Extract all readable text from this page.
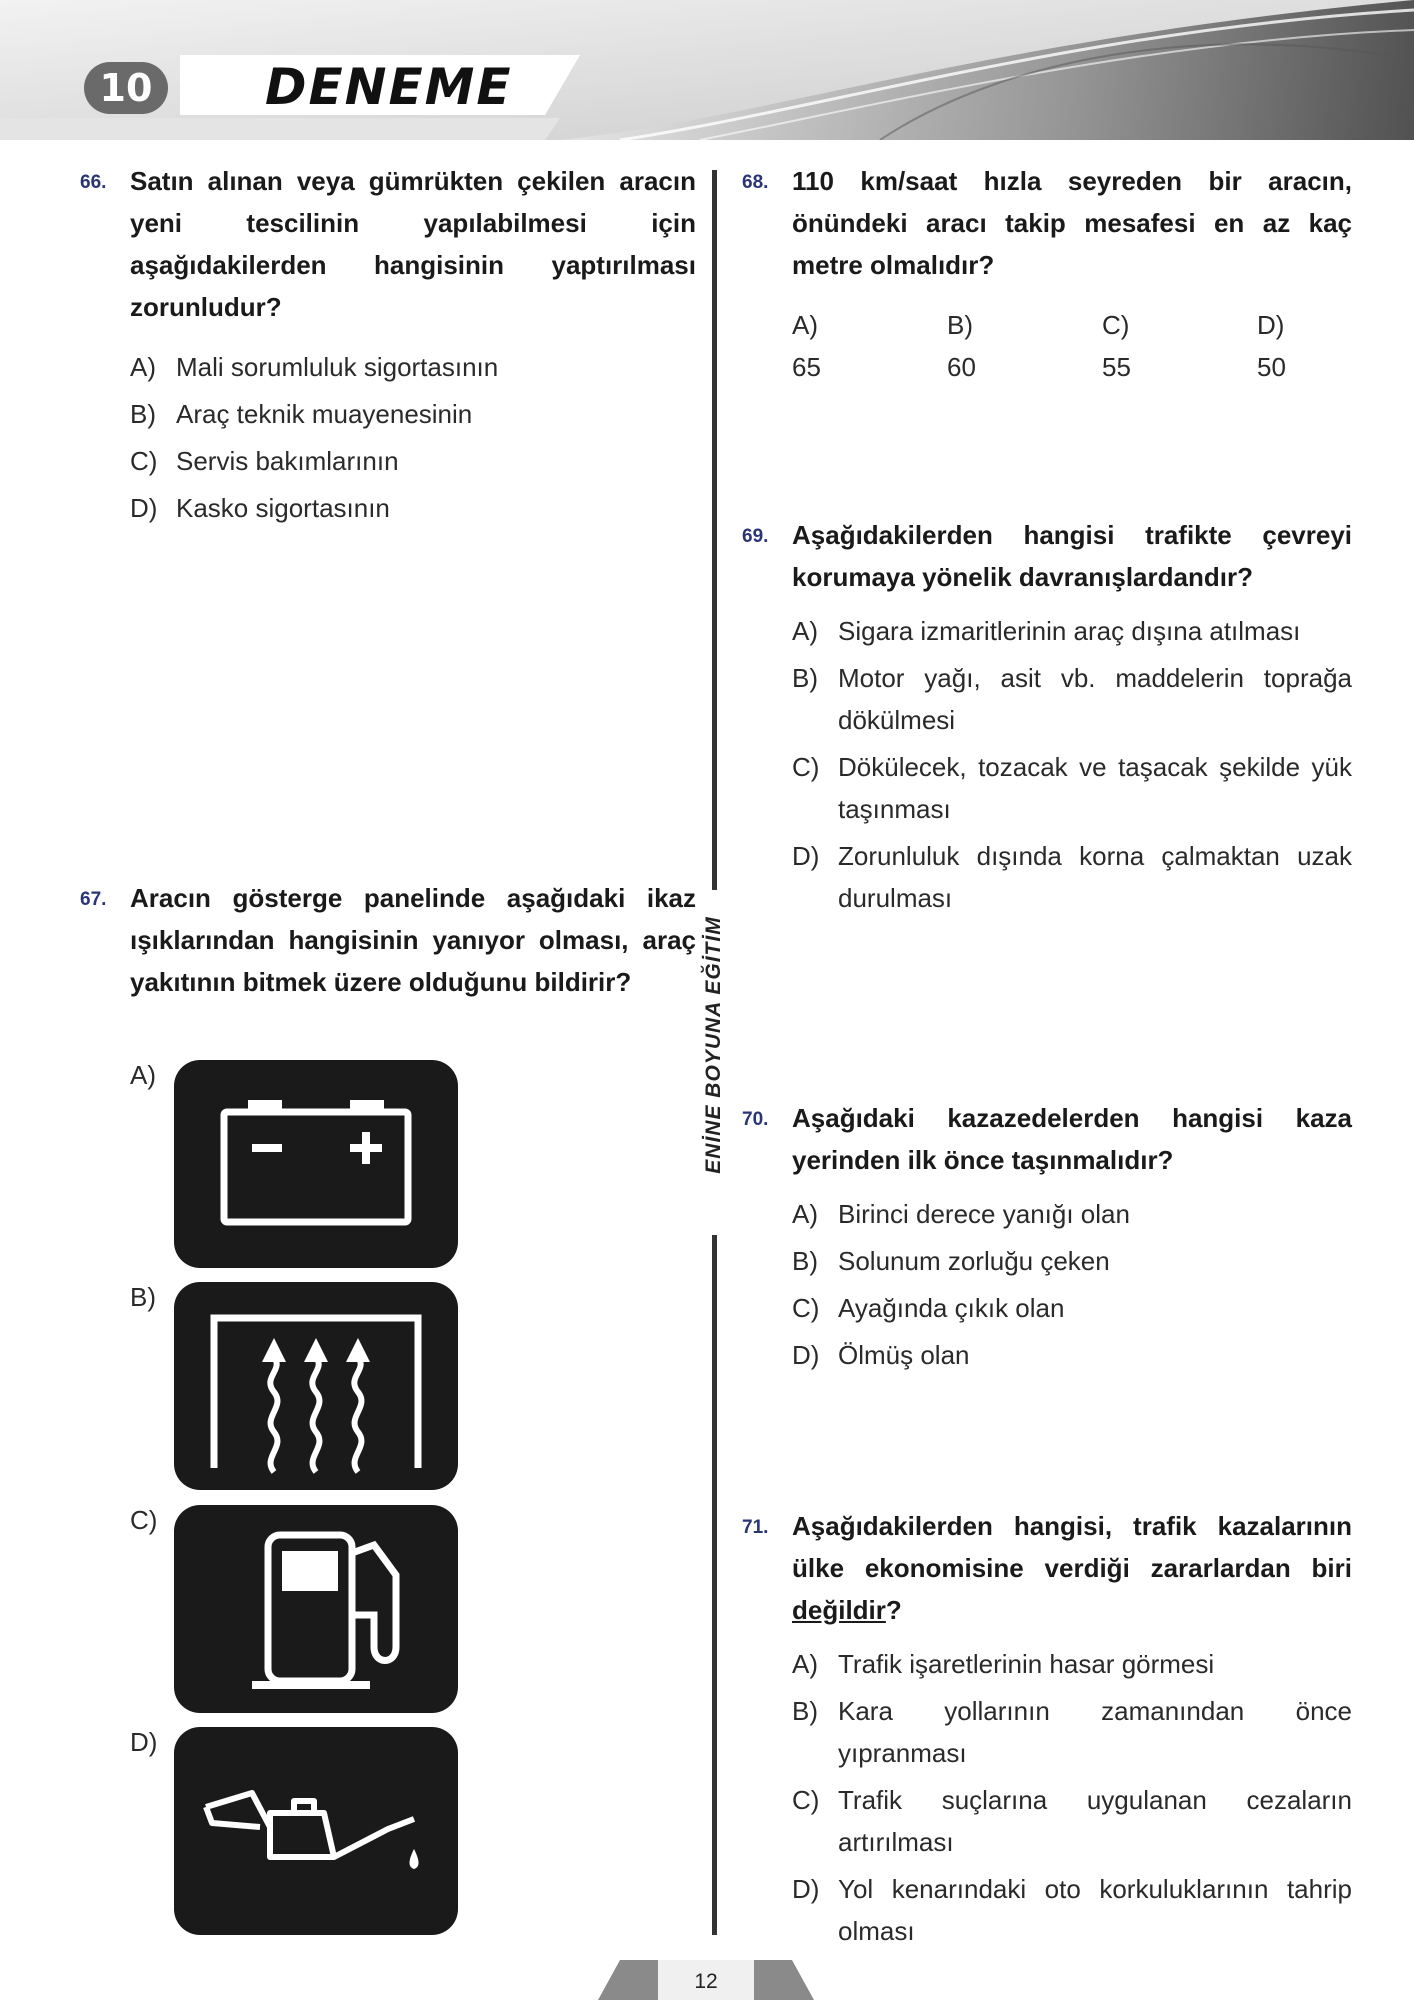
10	DENEME
66. Satın alınan veya gümrükten çekilen aracın yeni tescilinin yapılabilmesi için aşağıdakilerden hangisinin yaptırılması zorunludur?
A) Mali sorumluluk sigortasının
B) Araç teknik muayenesinin
C) Servis bakımlarının
D) Kasko sigortasının
67. Aracın gösterge panelinde aşağıdaki ikaz ışıklarından hangisinin yanıyor olması, araç yakıtının bitmek üzere olduğunu bildirir?
A)
B)
C)
D)
ENİNE BOYUNA EĞİTİM
68. 110 km/saat hızla seyreden bir aracın, önündeki aracı takip mesafesi en az kaç metre olmalıdır?
A) 65
B) 60
C) 55
D) 50
69. Aşağıdakilerden hangisi trafikte çevreyi korumaya yönelik davranışlardandır?
A) Sigara izmaritlerinin araç dışına atılması
B) Motor yağı, asit vb. maddelerin toprağa dökülmesi
C) Dökülecek, tozacak ve taşacak şekilde yük taşınması
D) Zorunluluk dışında korna çalmaktan uzak durulması
70. Aşağıdaki kazazedelerden hangisi kaza yerinden ilk önce taşınmalıdır?
A) Birinci derece yanığı olan
B) Solunum zorluğu çeken
C) Ayağında çıkık olan
D) Ölmüş olan
71. Aşağıdakilerden hangisi, trafik kazalarının ülke ekonomisine verdiği zararlardan biri değildir?
A) Trafik işaretlerinin hasar görmesi
B) Kara yollarının zamanından önce yıpranması
C) Trafik suçlarına uygulanan cezaların artırılması
D) Yol kenarındaki oto korkuluklarının tahrip olması
12
